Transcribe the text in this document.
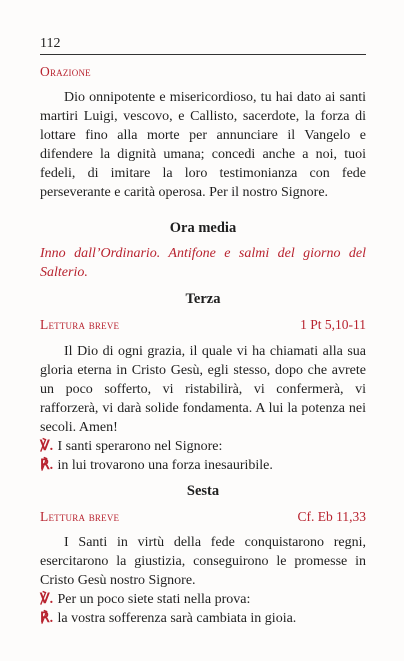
112
Orazione

Dio onnipotente e misericordioso, tu hai dato ai santi martiri Luigi, vescovo, e Callisto, sacerdote, la forza di lottare fino alla morte per annunciare il Vangelo e difendere la dignità umana; concedi anche a noi, tuoi fedeli, di imitare la loro testimonianza con fede perseverante e carità operosa. Per il nostro Signore.

Ora media

Inno dall’Ordinario. Antifone e salmi del giorno del Salterio.

Terza
Lettura breve	1 Pt 5,10-11

Il Dio di ogni grazia, il quale vi ha chiamati alla sua gloria eterna in Cristo Gesù, egli stesso, dopo che avrete un poco sofferto, vi ristabilirà, vi confermerà, vi rafforzerà, vi darà solide fondamenta. A lui la potenza nei secoli. Amen!

℣. I santi sperarono nel Signore:

℟. in lui trovarono una forza inesauribile.

Sesta
Lettura breve	Cf. Eb 11,33

I Santi in virtù della fede conquistarono regni, esercitarono la giustizia, conseguirono le promesse in Cristo Gesù nostro Signore.

℣. Per un poco siete stati nella prova:

℟. la vostra sofferenza sarà cambiata in gioia.
